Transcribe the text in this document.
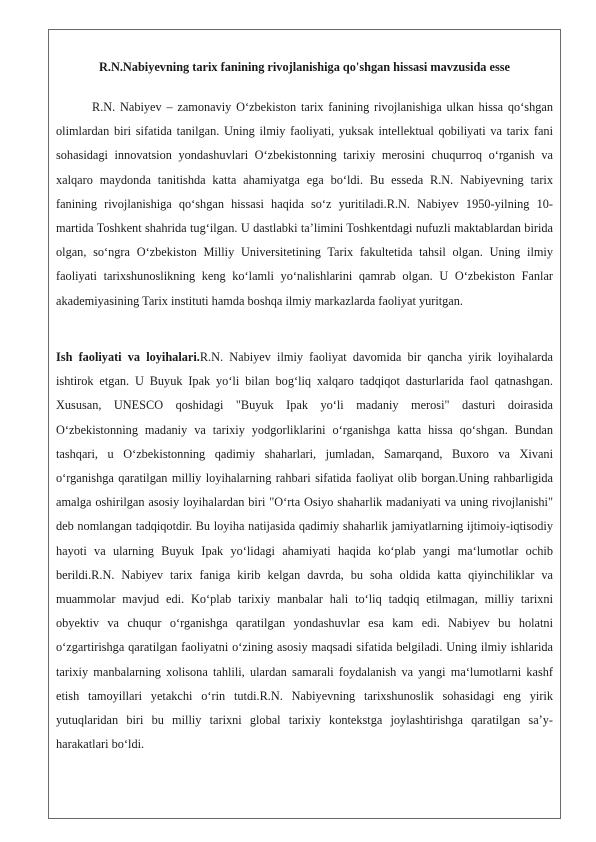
R.N.Nabiyevning tarix fanining rivojlanishiga qo'shgan hissasi mavzusida esse

R.N. Nabiyev – zamonaviy O‘zbekiston tarix fanining rivojlanishiga ulkan hissa qo‘shgan olimlardan biri sifatida tanilgan. Uning ilmiy faoliyati, yuksak intellektual qobiliyati va tarix fani sohasidagi innovatsion yondashuvlari O‘zbekistonning tarixiy merosini chuqurroq o‘rganish va xalqaro maydonda tanitishda katta ahamiyatga ega bo‘ldi. Bu esseda R.N. Nabiyevning tarix fanining rivojlanishiga qo‘shgan hissasi haqida so‘z yuritiladi.R.N. Nabiyev 1950-yilning 10-martida Toshkent shahrida tug‘ilgan. U dastlabki ta’limini Toshkentdagi nufuzli maktablardan birida olgan, so‘ngra O‘zbekiston Milliy Universitetining Tarix fakultetida tahsil olgan. Uning ilmiy faoliyati tarixshunoslikning keng ko‘lamli yo‘nalishlarini qamrab olgan. U O‘zbekiston Fanlar akademiyasining Tarix instituti hamda boshqa ilmiy markazlarda faoliyat yuritgan.

Ish faoliyati va loyihalari.R.N. Nabiyev ilmiy faoliyat davomida bir qancha yirik loyihalarda ishtirok etgan. U Buyuk Ipak yo‘li bilan bog‘liq xalqaro tadqiqot dasturlarida faol qatnashgan. Xususan, UNESCO qoshidagi "Buyuk Ipak yo‘li madaniy merosi" dasturi doirasida O‘zbekistonning madaniy va tarixiy yodgorliklarini o‘rganishga katta hissa qo‘shgan. Bundan tashqari, u O‘zbekistonning qadimiy shaharlari, jumladan, Samarqand, Buxoro va Xivani o‘rganishga qaratilgan milliy loyihalarning rahbari sifatida faoliyat olib borgan.Uning rahbarligida amalga oshirilgan asosiy loyihalardan biri "O‘rta Osiyo shaharlik madaniyati va uning rivojlanishi" deb nomlangan tadqiqotdir. Bu loyiha natijasida qadimiy shaharlik jamiyatlarning ijtimoiy-iqtisodiy hayoti va ularning Buyuk Ipak yo‘lidagi ahamiyati haqida ko‘plab yangi ma‘lumotlar ochib berildi.R.N. Nabiyev tarix faniga kirib kelgan davrda, bu soha oldida katta qiyinchiliklar va muammolar mavjud edi. Ko‘plab tarixiy manbalar hali to‘liq tadqiq etilmagan, milliy tarixni obyektiv va chuqur o‘rganishga qaratilgan yondashuvlar esa kam edi. Nabiyev bu holatni o‘zgartirishga qaratilgan faoliyatni o‘zining asosiy maqsadi sifatida belgiladi. Uning ilmiy ishlarida tarixiy manbalarning xolisona tahlili, ulardan samarali foydalanish va yangi ma‘lumotlarni kashf etish tamoyillari yetakchi o‘rin tutdi.R.N. Nabiyevning tarixshunoslik sohasidagi eng yirik yutuqlaridan biri bu milliy tarixni global tarixiy kontekstga joylashtirishga qaratilgan sa’y-harakatlari bo‘ldi.
